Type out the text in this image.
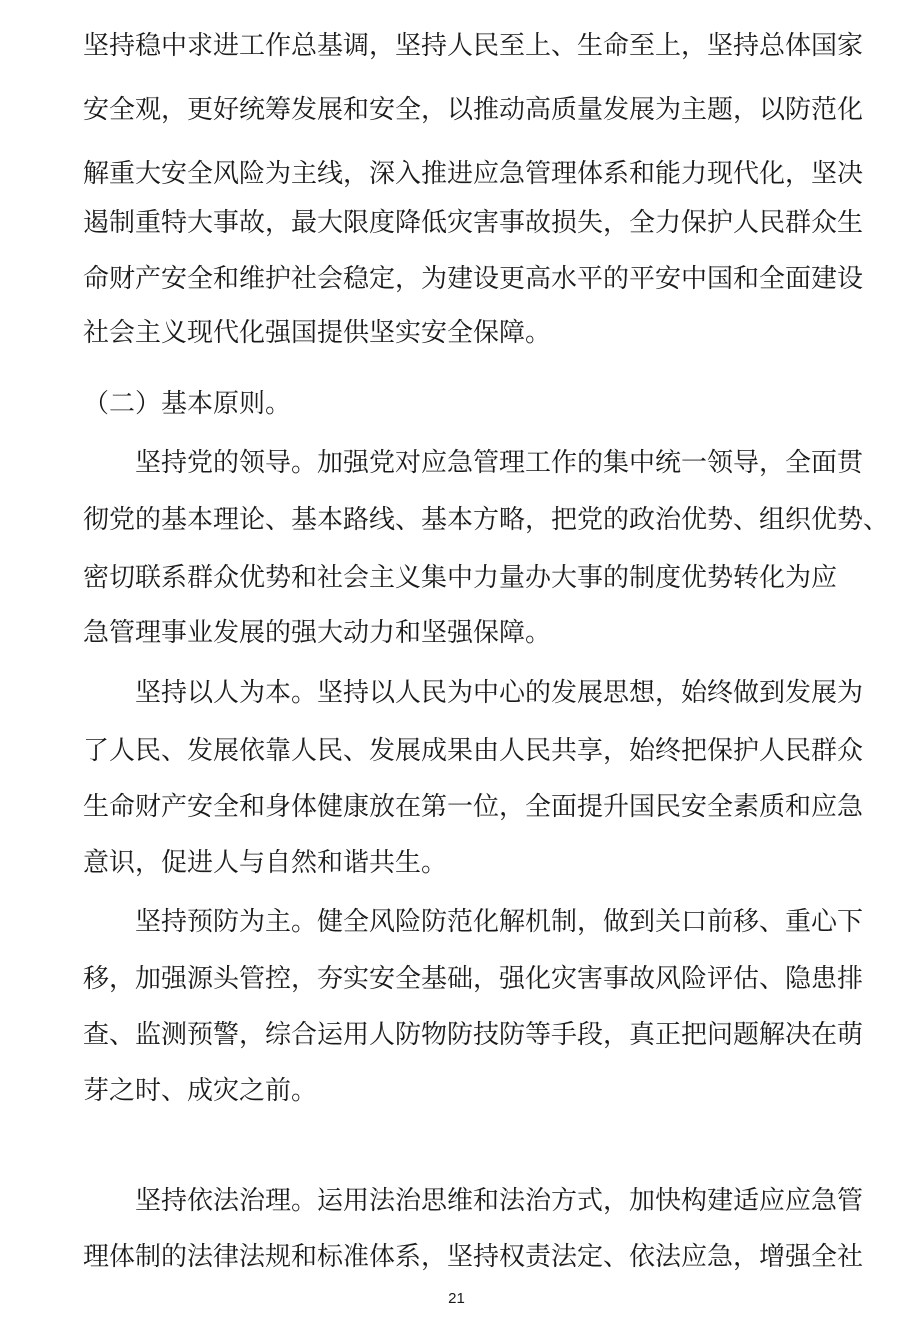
坚持稳中求进工作总基调，坚持人民至上、生命至上，坚持总体国家
安全观，更好统筹发展和安全，以推动高质量发展为主题，以防范化
解重大安全风险为主线，深入推进应急管理体系和能力现代化，坚决
遏制重特大事故，最大限度降低灾害事故损失，全力保护人民群众生
命财产安全和维护社会稳定，为建设更高水平的平安中国和全面建设
社会主义现代化强国提供坚实安全保障。
（二）基本原则。
坚持党的领导。加强党对应急管理工作的集中统一领导，全面贯
彻党的基本理论、基本路线、基本方略，把党的政治优势、组织优势、
密切联系群众优势和社会主义集中力量办大事的制度优势转化为应
急管理事业发展的强大动力和坚强保障。
坚持以人为本。坚持以人民为中心的发展思想，始终做到发展为
了人民、发展依靠人民、发展成果由人民共享，始终把保护人民群众
生命财产安全和身体健康放在第一位，全面提升国民安全素质和应急
意识，促进人与自然和谐共生。
坚持预防为主。健全风险防范化解机制，做到关口前移、重心下
移，加强源头管控，夯实安全基础，强化灾害事故风险评估、隐患排
查、监测预警，综合运用人防物防技防等手段，真正把问题解决在萌
芽之时、成灾之前。
坚持依法治理。运用法治思维和法治方式，加快构建适应应急管
理体制的法律法规和标准体系，坚持权责法定、依法应急，增强全社
21
